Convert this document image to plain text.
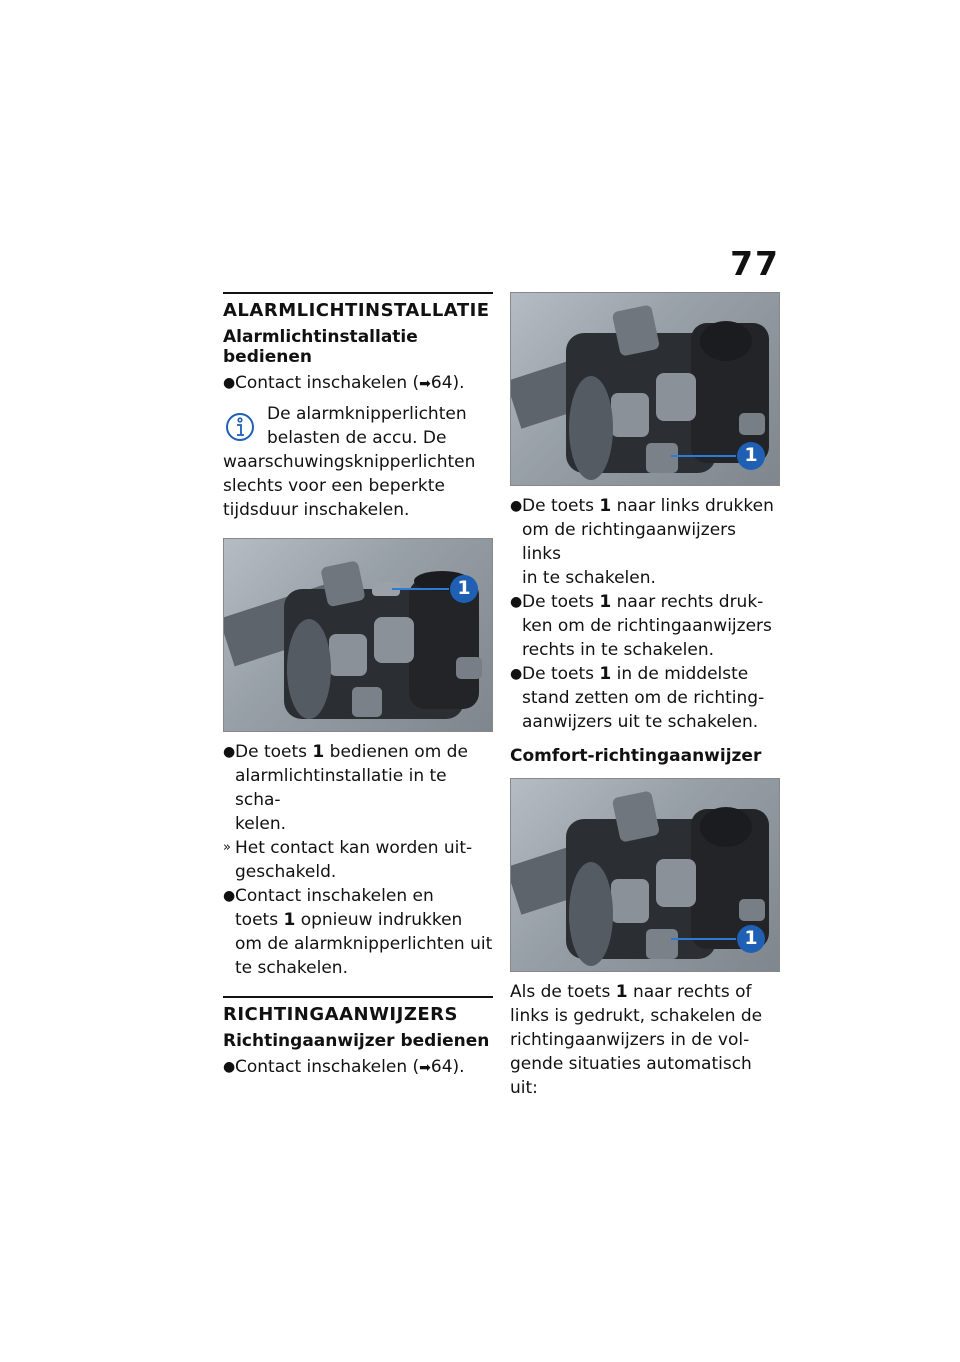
77
ALARMLICHTINSTALLATIE
Alarmlichtinstallatie bedienen
● Contact inschakelen (➡64).
De alarmknipperlichten
belasten de accu. De
waarschuwingsknipperlichten
slechts voor een beperkte
tijdsduur inschakelen.
1
● De toets 1 bedienen om de
alarmlichtinstallatie in te scha-
kelen.
» Het contact kan worden uit-
geschakeld.
● Contact inschakelen en
toets 1 opnieuw indrukken
om de alarmknipperlichten uit
te schakelen.
RICHTINGAANWIJZERS
Richtingaanwijzer bedienen
● Contact inschakelen (➡64).
1
● De toets 1 naar links drukken
om de richtingaanwijzers links
in te schakelen.
● De toets 1 naar rechts druk-
ken om de richtingaanwijzers
rechts in te schakelen.
● De toets 1 in de middelste
stand zetten om de richting-
aanwijzers uit te schakelen.
Comfort-richtingaanwijzer
1
Als de toets 1 naar rechts of
links is gedrukt, schakelen de
richtingaanwijzers in de vol-
gende situaties automatisch uit:
